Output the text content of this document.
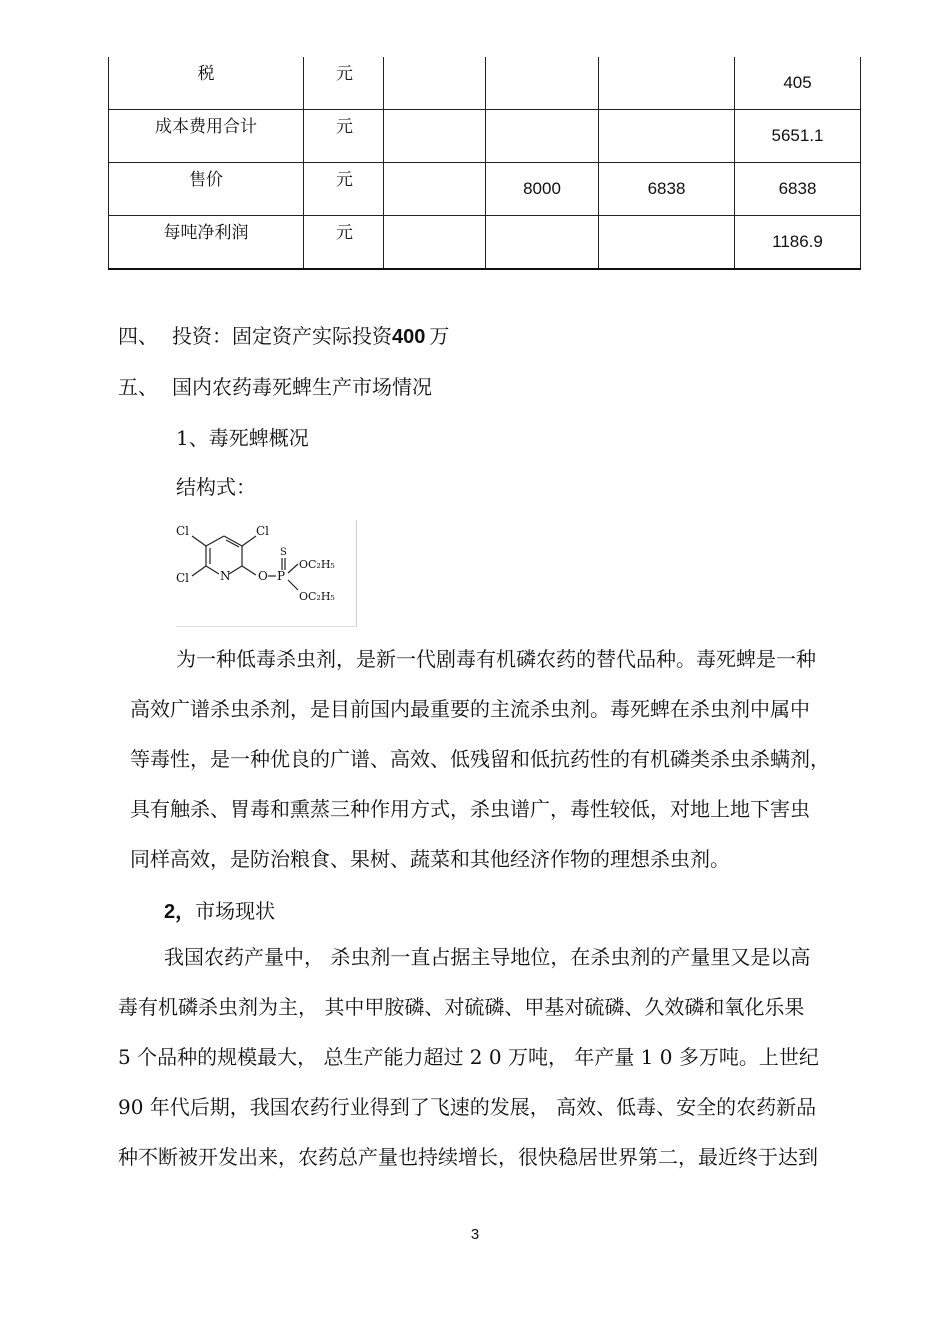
税	元				405
成本费用合计	元				5651.1
售价	元		8000	6838	6838
每吨净利润	元				1186.9
四、 投资：固定资产实际投资400 万
五、 国内农药毒死蜱生产市场情况
1、毒死蜱概况
结构式：
Cl	Cl
Cl	N O P
S
OC₂H₅
OC₂H₅

为一种低毒杀虫剂，是新一代剧毒有机磷农药的替代品种。毒死蜱是一种

高效广谱杀虫杀剂，是目前国内最重要的主流杀虫剂。毒死蜱在杀虫剂中属中

等毒性，是一种优良的广谱、高效、低残留和低抗药性的有机磷类杀虫杀螨剂，

具有触杀、胃毒和熏蒸三种作用方式，杀虫谱广，毒性较低，对地上地下害虫

同样高效，是防治粮食、果树、蔬菜和其他经济作物的理想杀虫剂。

2，市场现状

我国农药产量中， 杀虫剂一直占据主导地位，在杀虫剂的产量里又是以高

毒有机磷杀虫剂为主， 其中甲胺磷、对硫磷、甲基对硫磷、久效磷和氧化乐果

5 个品种的规模最大， 总生产能力超过 2 0 万吨， 年产量 1 0 多万吨。上世纪

90 年代后期，我国农药行业得到了飞速的发展， 高效、低毒、安全的农药新品

种不断被开发出来，农药总产量也持续增长，很快稳居世界第二，最近终于达到

3
